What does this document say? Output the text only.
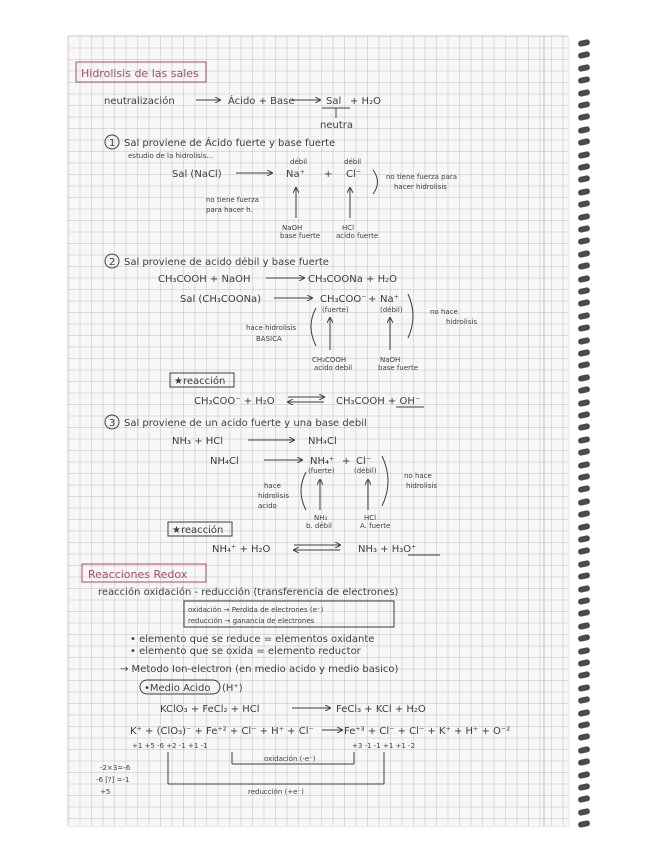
Hidrolisis de las sales
neutralización	Ácido + Base	Sal + H₂O
neutra
1 Sal proviene de Ácido fuerte y base fuerte
estudio de la hidrolisis...
Sal (NaCl)
débil	débil
Na⁺ + Cl⁻	no tiene fuerza para
hacer hidrolisis
no tiene fuerza
para hacer h.
NaOH
base fuerte
HCl
acido fuerte
2 Sal proviene de acido débil y base fuerte
CH₃COOH + NaOH	CH₃COONa + H₂O
Sal (CH₃COONa)	CH₃COO⁻ + Na⁺
(fuerte)	(débil)	no hace
hidrolisis
hace hidrolisis
BASICA
CH₃COOH
acido debil
NaOH
base fuerte
★reacción
CH₃COO⁻ + H₂O	CH₃COOH + OH⁻
3 Sal proviene de un acido fuerte y una base debil
NH₃ + HCl	NH₄Cl
NH₄Cl	NH₄⁺ + Cl⁻
(fuerte)	(débil)
no hace
hidrolisis
hace
hidrolisis
acido
NH₃
b. débil
HCl
A. fuerte
★reacción
NH₄⁺ + H₂O	NH₃ + H₃O⁺
Reacciones Redox
reacción oxidación - reducción (transferencia de electrones)
oxidación → Perdida de electrones (e⁻)
reducción → ganancia de electrones
• elemento que se reduce = elementos oxidante
• elemento que se oxida = elemento reductor
→ Metodo Ion-electron (en medio acido y medio basico)
•Medio Acido (H⁺)
KClO₃ + FeCl₂ + HCl	FeCl₃ + KCl + H₂O
K⁺ + (ClO₃)⁻ + Fe⁺² + Cl⁻ + H⁺ + Cl⁻	Fe⁺³ + Cl⁻ + Cl⁻ + K⁺ + H⁺ + O⁻²
+1 +5 -6 +2 -1 +1 -1	+3 -1 -1 +1 +1 -2
oxidación (-e⁻)
reducción (+e⁻)
-2×3=-6
-6 [?] =-1
+5
